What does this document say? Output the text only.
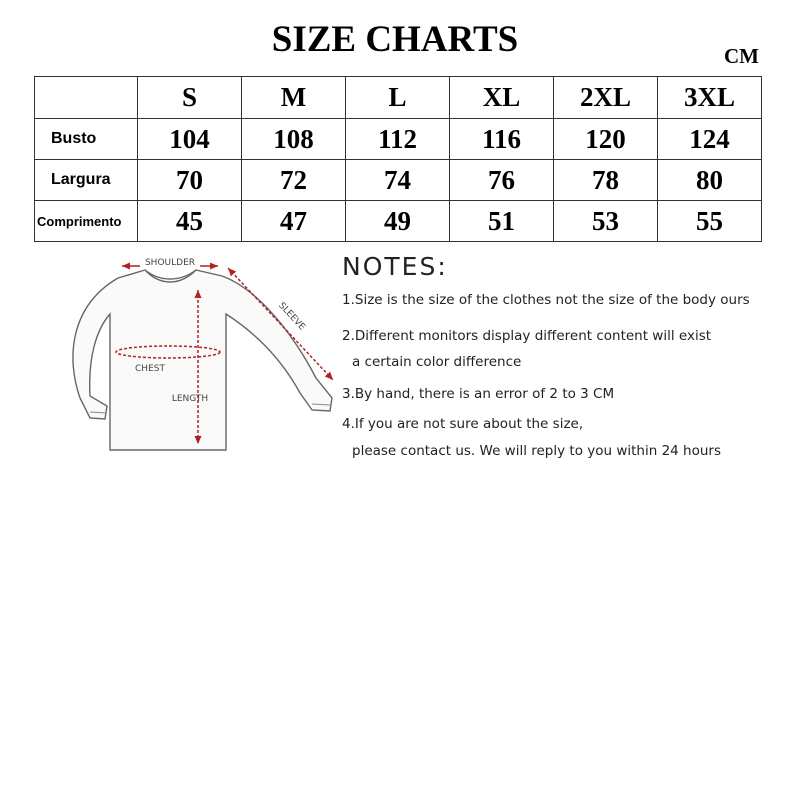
SIZE CHARTS	CM
	S	M	L	XL	2XL	3XL
Busto	104	108	112	116	120	124
Largura	70	72	74	76	78	80
Comprimento	45	47	49	51	53	55
SHOULDER
SLEEVE
CHEST
LENGTH
NOTES:
1.Size is the size of the clothes not the size of the body ours
2.Different monitors display different content will exist
a certain color difference
3.By hand, there is an error of 2 to 3 CM
4.If you are not sure about the size,
please contact us. We will reply to you within 24 hours
